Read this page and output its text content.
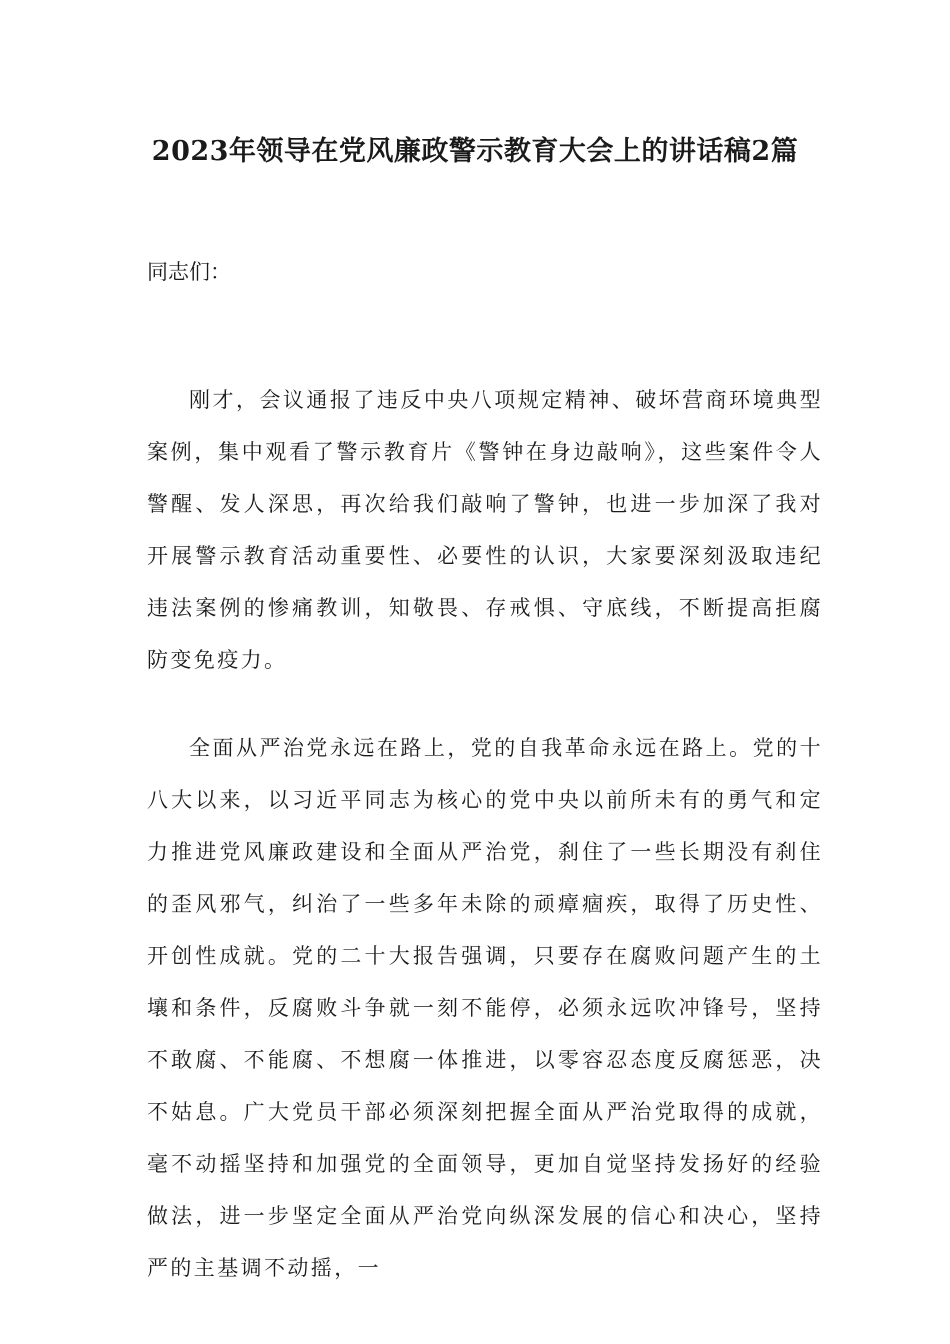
2023年领导在党风廉政警示教育大会上的讲话稿2篇

同志们：

刚才，会议通报了违反中央八项规定精神、破坏营商环境典型案例，集中观看了警示教育片《警钟在身边敲响》，这些案件令人警醒、发人深思，再次给我们敲响了警钟，也进一步加深了我对开展警示教育活动重要性、必要性的认识，大家要深刻汲取违纪违法案例的惨痛教训，知敬畏、存戒惧、守底线，不断提高拒腐防变免疫力。

全面从严治党永远在路上，党的自我革命永远在路上。党的十八大以来，以习近平同志为核心的党中央以前所未有的勇气和定力推进党风廉政建设和全面从严治党，刹住了一些长期没有刹住的歪风邪气，纠治了一些多年未除的顽瘴痼疾，取得了历史性、开创性成就。党的二十大报告强调，只要存在腐败问题产生的土壤和条件，反腐败斗争就一刻不能停，必须永远吹冲锋号，坚持不敢腐、不能腐、不想腐一体推进，以零容忍态度反腐惩恶，决不姑息。广大党员干部必须深刻把握全面从严治党取得的成就，毫不动摇坚持和加强党的全面领导，更加自觉坚持发扬好的经验做法，进一步坚定全面从严治党向纵深发展的信心和决心，坚持严的主基调不动摇，一
